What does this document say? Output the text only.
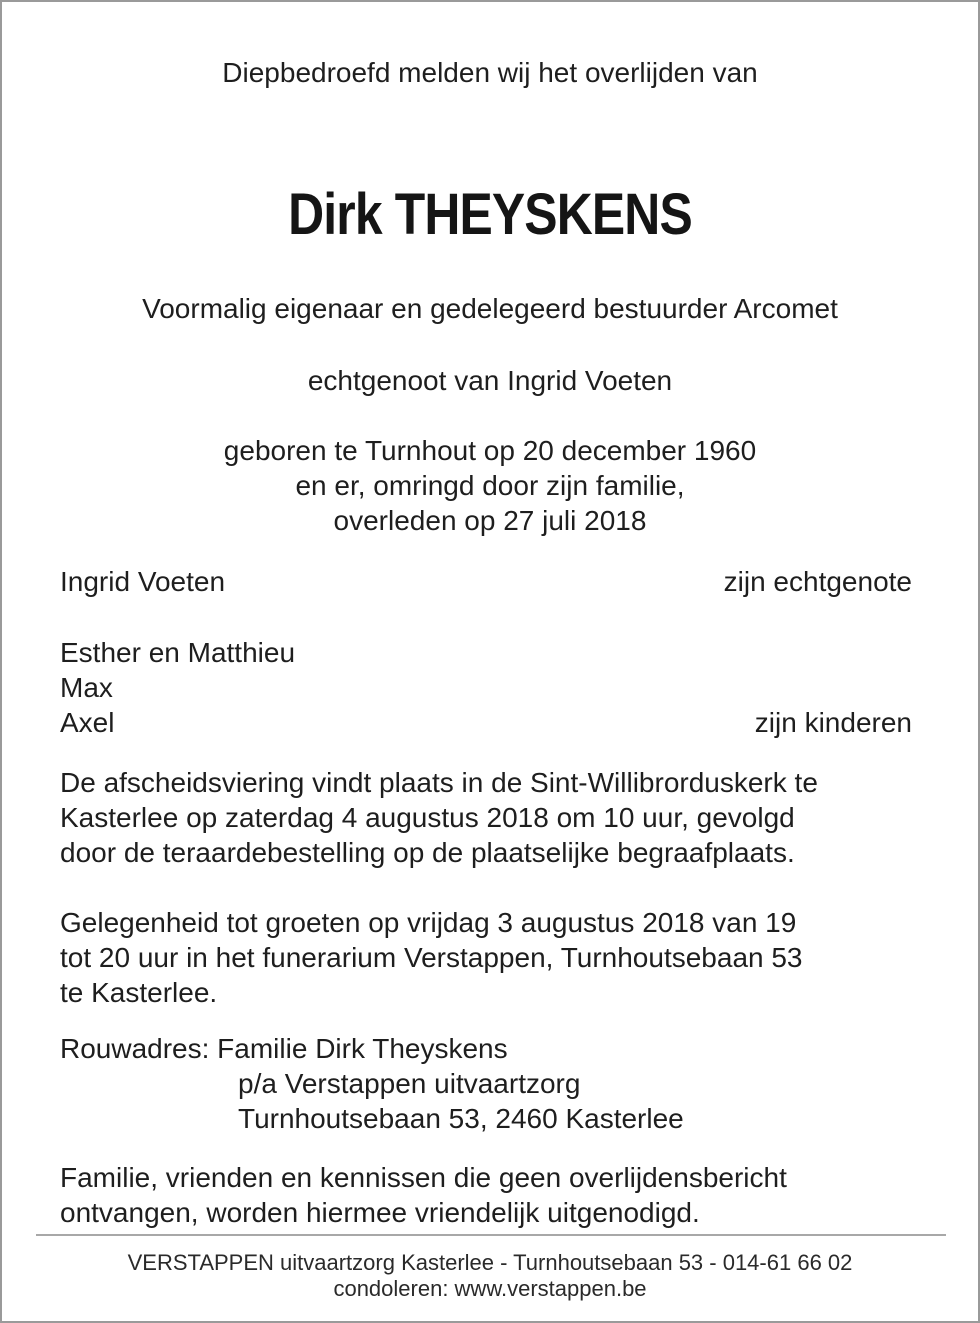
Diepbedroefd melden wij het overlijden van
Dirk THEYSKENS
Voormalig eigenaar en gedelegeerd bestuurder Arcomet
echtgenoot van Ingrid Voeten
geboren te Turnhout op 20 december 1960
en er, omringd door zijn familie,
overleden op 27 juli 2018
Ingrid Voeten	zijn echtgenote
Esther en Matthieu
Max
Axel	zijn kinderen
De afscheidsviering vindt plaats in de Sint-Willibrorduskerk te
Kasterlee op zaterdag 4 augustus 2018 om 10 uur, gevolgd
door de teraardebestelling op de plaatselijke begraafplaats.
Gelegenheid tot groeten op vrijdag 3 augustus 2018 van 19
tot 20 uur in het funerarium Verstappen, Turnhoutsebaan 53
te Kasterlee.
Rouwadres: Familie Dirk Theyskens
p/a Verstappen uitvaartzorg
Turnhoutsebaan 53, 2460 Kasterlee
Familie, vrienden en kennissen die geen overlijdensbericht
ontvangen, worden hiermee vriendelijk uitgenodigd.
VERSTAPPEN uitvaartzorg Kasterlee - Turnhoutsebaan 53 - 014-61 66 02
condoleren: www.verstappen.be
